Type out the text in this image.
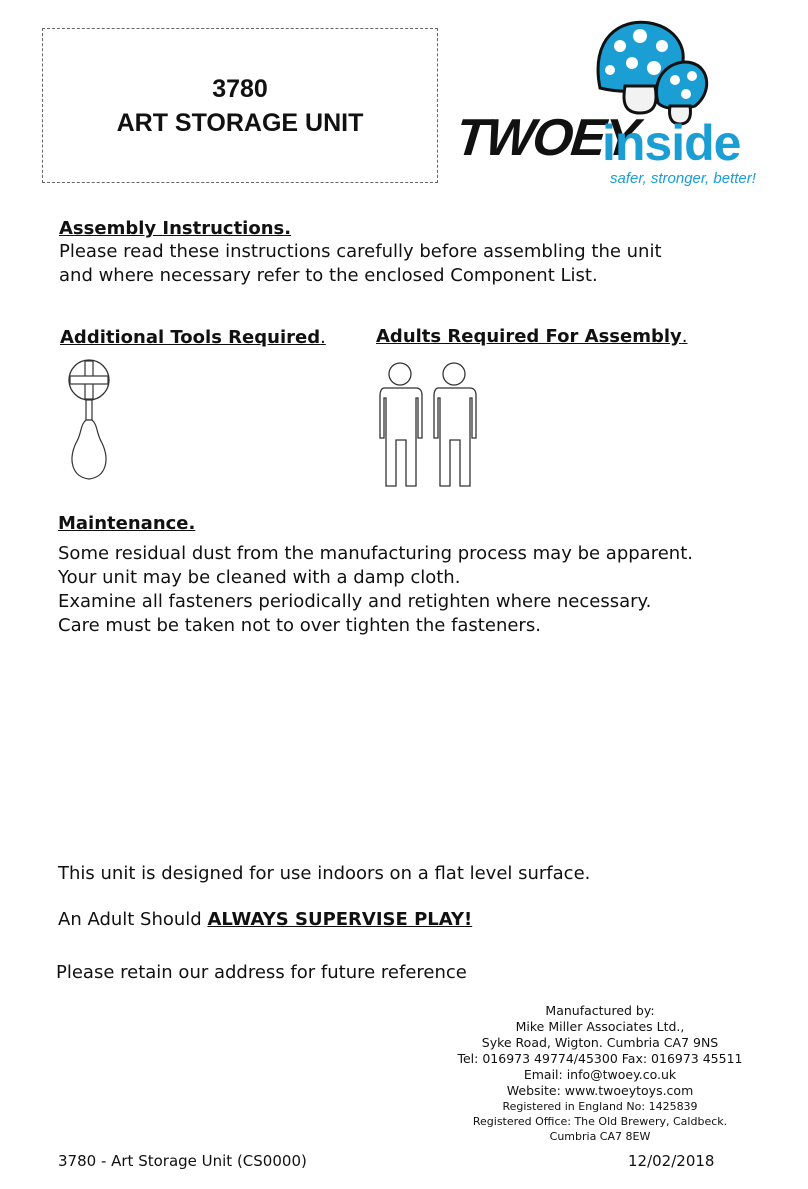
3780
ART STORAGE UNIT TWOEY
inside
safer, stronger, better!
Assembly Instructions.
Please read these instructions carefully before assembling the unit
and where necessary refer to the enclosed Component List.
Additional Tools Required.	Adults Required For Assembly.
Maintenance.
Some residual dust from the manufacturing process may be apparent.
Your unit may be cleaned with a damp cloth.
Examine all fasteners periodically and retighten where necessary.
Care must be taken not to over tighten the fasteners.
This unit is designed for use indoors on a flat level surface.
An Adult Should ALWAYS SUPERVISE PLAY!
Please retain our address for future reference
Manufactured by:
Mike Miller Associates Ltd.,
Syke Road, Wigton. Cumbria CA7 9NS
Tel: 016973 49774/45300 Fax: 016973 45511
Email: info@twoey.co.uk
Website: www.twoeytoys.com
Registered in England No: 1425839
Registered Office: The Old Brewery, Caldbeck.
Cumbria CA7 8EW
3780 - Art Storage Unit (CS0000)	12/02/2018
